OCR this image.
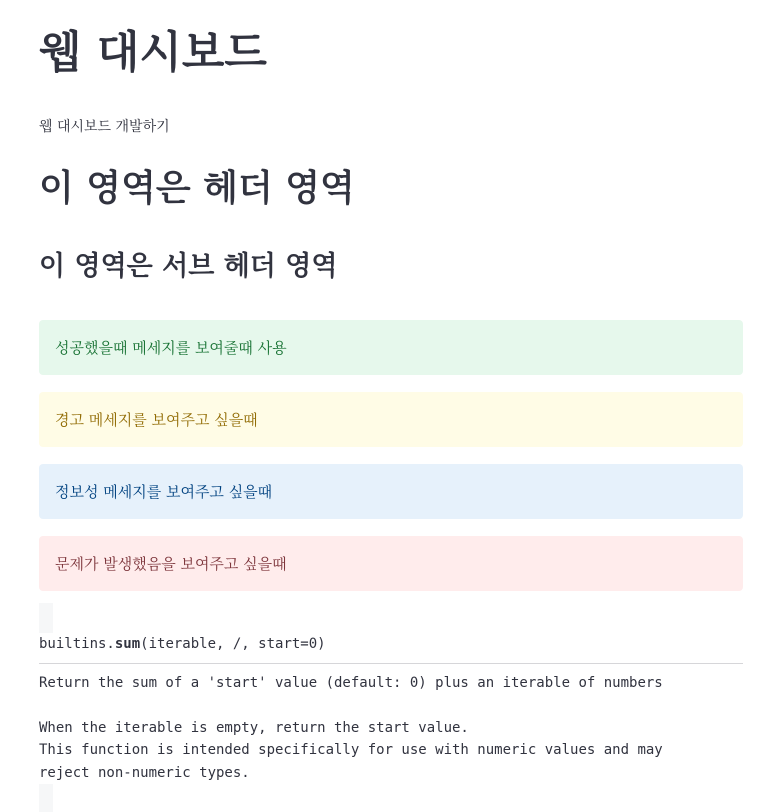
웹 대시보드
웹 대시보드 개발하기
이 영역은 헤더 영역
이 영역은 서브 헤더 영역
성공했을때 메세지를 보여줄때 사용
경고 메세지를 보여주고 싶을때
정보성 메세지를 보여주고 싶을때
문제가 발생했음을 보여주고 싶을때
builtins.sum(iterable, /, start=0)
Return the sum of a 'start' value (default: 0) plus an iterable of numbers
When the iterable is empty, return the start value.
This function is intended specifically for use with numeric values and may
reject non-numeric types.
